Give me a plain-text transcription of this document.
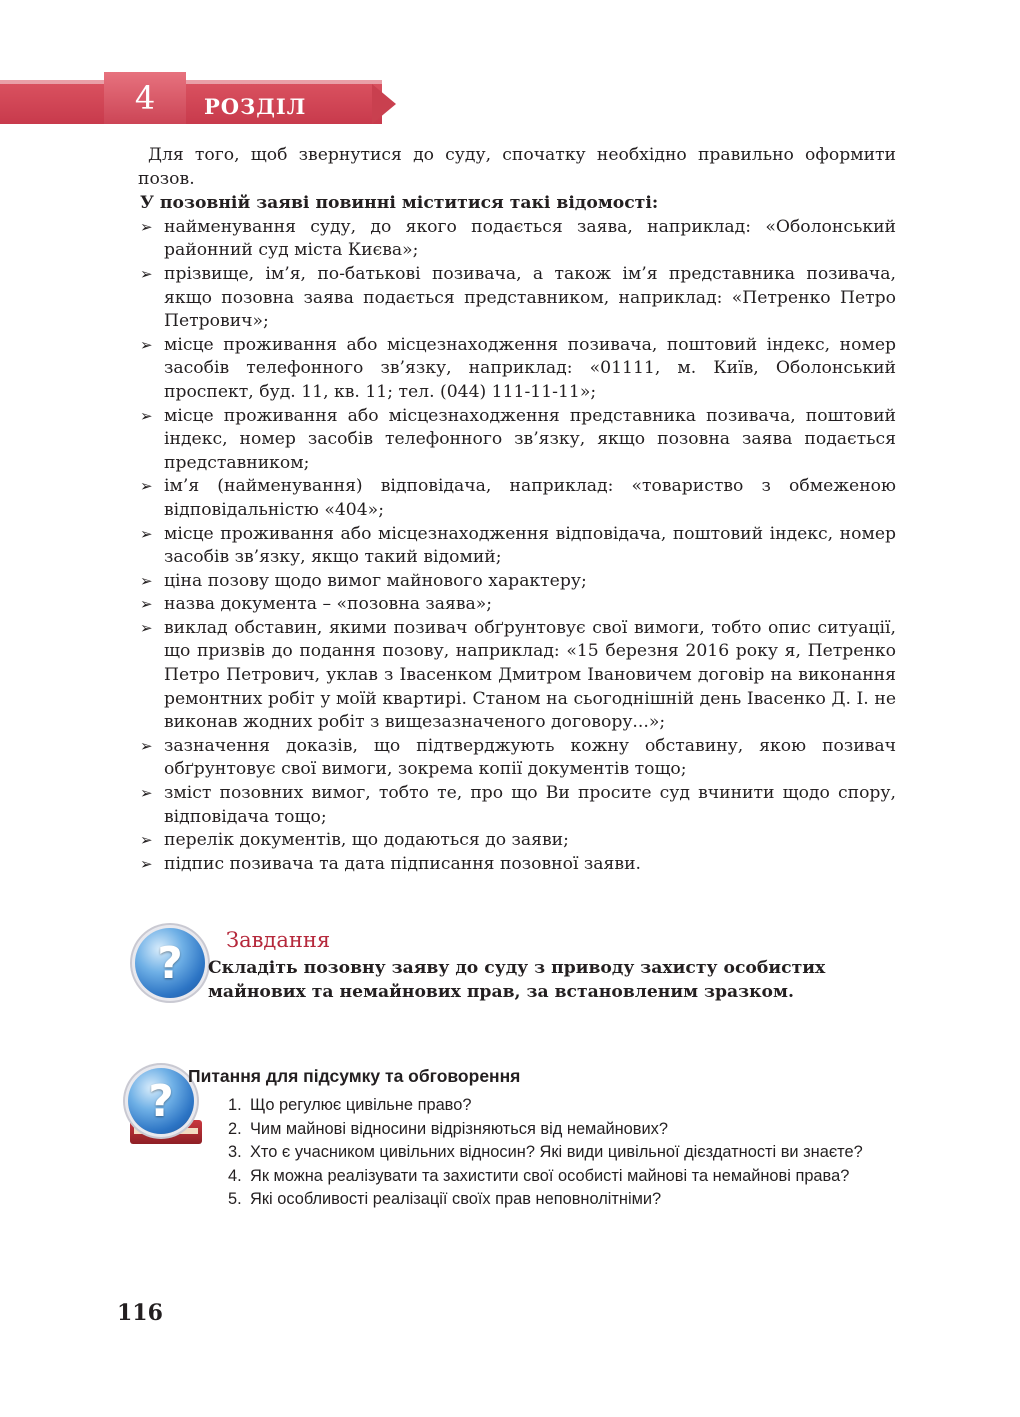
4 РОЗДІЛ

Для того, щоб звернутися до суду, спочатку необхідно правильно оформити позов.

У позовній заяві повинні міститися такі відомості:

➢ найменування суду, до якого подається заява, наприклад: «Оболонський районний суд міста Києва»;
➢ прізвище, ім’я, по-батькові позивача, а також ім’я представника позивача, якщо позовна заява подається представником, наприклад: «Петренко Петро Петрович»;
➢ місце проживання або місцезнаходження позивача, поштовий індекс, номер засобів телефонного зв’язку, наприклад: «01111, м. Київ, Оболонський проспект, буд. 11, кв. 11; тел. (044) 111-11-11»;
➢ місце проживання або місцезнаходження представника позивача, поштовий індекс, номер засобів телефонного зв’язку, якщо позовна заява подається представником;
➢ ім’я (найменування) відповідача, наприклад: «товариство з обмеженою відповідальністю «404»;
➢ місце проживання або місцезнаходження відповідача, поштовий індекс, номер засобів зв’язку, якщо такий відомий;
➢ ціна позову щодо вимог майнового характеру;
➢ назва документа – «позовна заява»;
➢ виклад обставин, якими позивач обґрунтовує свої вимоги, тобто опис ситуації, що призвів до подання позову, наприклад: «15 березня 2016 року я, Петренко Петро Петрович, уклав з Івасенком Дмитром Івановичем договір на виконання ремонтних робіт у моїй квартирі. Станом на сьогоднішній день Івасенко Д. І. не виконав жодних робіт з вищезазначеного договору...»;
➢ зазначення доказів, що підтверджують кожну обставину, якою позивач обґрунтовує свої вимоги, зокрема копії документів тощо;
➢ зміст позовних вимог, тобто те, про що Ви просите суд вчинити щодо спору, відповідача тощо;
➢ перелік документів, що додаються до заяви;
➢ підпис позивача та дата підписання позовної заяви.
? Завдання
Складіть позовну заяву до суду з приводу захисту особистих майнових та немайнових прав, за встановленим зразком.
? Питання для підсумку та обговорення
1. Що регулює цивільне право?
2. Чим майнові відносини відрізняються від немайнових?
3. Хто є учасником цивільних відносин? Які види цивільної дієздатності ви знаєте?
4. Як можна реалізувати та захистити свої особисті майнові та немайнові права?
5. Які особливості реалізації своїх прав неповнолітніми?
116
